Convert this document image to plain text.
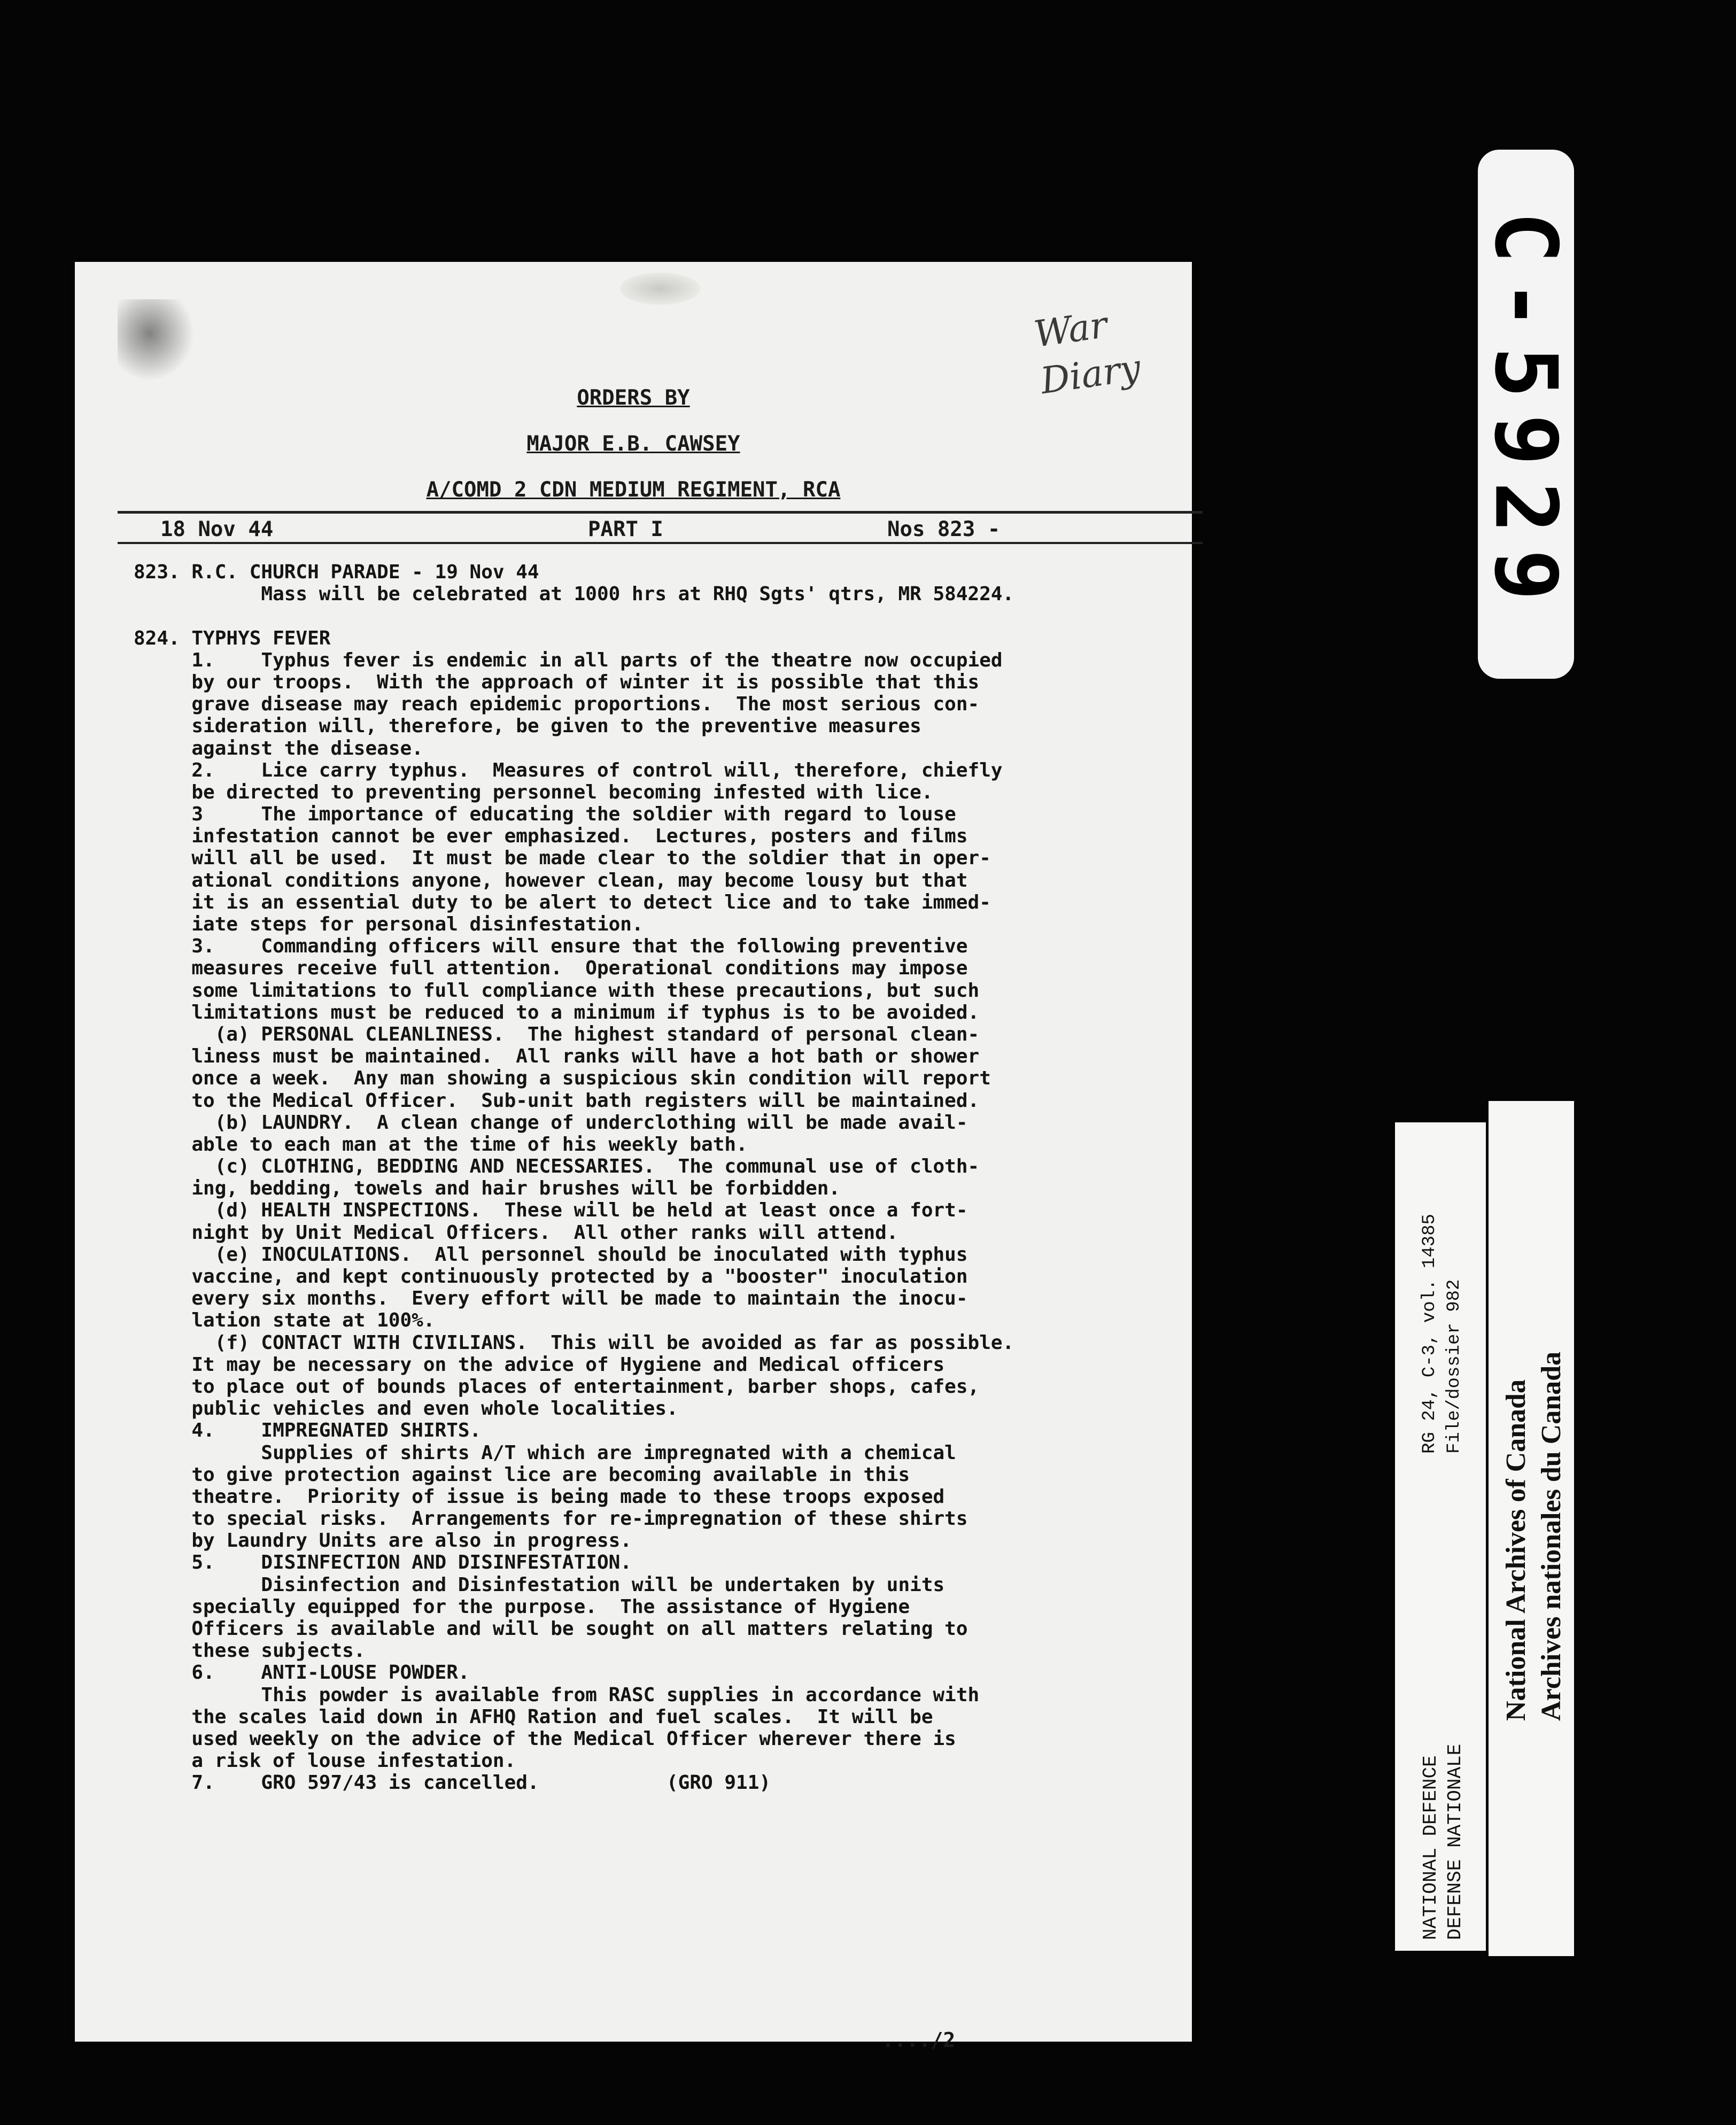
War
Diary
ORDERS BY
MAJOR E.B. CAWSEY
A/COMD 2 CDN MEDIUM REGIMENT, RCA
18 Nov 44	PART I	Nos 823 -
823. R.C. CHURCH PARADE - 19 Nov 44
Mass will be celebrated at 1000 hrs at RHQ Sgts' qtrs, MR 584224.
824. TYPHYS FEVER
1.    Typhus fever is endemic in all parts of the theatre now occupied
by our troops.  With the approach of winter it is possible that this
grave disease may reach epidemic proportions.  The most serious con-
sideration will, therefore, be given to the preventive measures
against the disease.
2.    Lice carry typhus.  Measures of control will, therefore, chiefly
be directed to preventing personnel becoming infested with lice.
3     The importance of educating the soldier with regard to louse
infestation cannot be ever emphasized.  Lectures, posters and films
will all be used.  It must be made clear to the soldier that in oper-
ational conditions anyone, however clean, may become lousy but that
it is an essential duty to be alert to detect lice and to take immed-
iate steps for personal disinfestation.
3.    Commanding officers will ensure that the following preventive
measures receive full attention.  Operational conditions may impose
some limitations to full compliance with these precautions, but such
limitations must be reduced to a minimum if typhus is to be avoided.
(a) PERSONAL CLEANLINESS.  The highest standard of personal clean-
liness must be maintained.  All ranks will have a hot bath or shower
once a week.  Any man showing a suspicious skin condition will report
to the Medical Officer.  Sub-unit bath registers will be maintained.
(b) LAUNDRY.  A clean change of underclothing will be made avail-
able to each man at the time of his weekly bath.
(c) CLOTHING, BEDDING AND NECESSARIES.  The communal use of cloth-
ing, bedding, towels and hair brushes will be forbidden.
(d) HEALTH INSPECTIONS.  These will be held at least once a fort-
night by Unit Medical Officers.  All other ranks will attend.
(e) INOCULATIONS.  All personnel should be inoculated with typhus
vaccine, and kept continuously protected by a "booster" inoculation
every six months.  Every effort will be made to maintain the inocu-
lation state at 100%.
(f) CONTACT WITH CIVILIANS.  This will be avoided as far as possible.
It may be necessary on the advice of Hygiene and Medical officers
to place out of bounds places of entertainment, barber shops, cafes,
public vehicles and even whole localities.
4.    IMPREGNATED SHIRTS.
Supplies of shirts A/T which are impregnated with a chemical
to give protection against lice are becoming available in this
theatre.  Priority of issue is being made to these troops exposed
to special risks.  Arrangements for re-impregnation of these shirts
by Laundry Units are also in progress.
5.    DISINFECTION AND DISINFESTATION.
Disinfection and Disinfestation will be undertaken by units
specially equipped for the purpose.  The assistance of Hygiene
Officers is available and will be sought on all matters relating to
these subjects.
6.    ANTI-LOUSE POWDER.
This powder is available from RASC supplies in accordance with
the scales laid down in AFHQ Ration and fuel scales.  It will be
used weekly on the advice of the Medical Officer wherever there is
a risk of louse infestation.
7.    GRO 597/43 is cancelled.           (GRO 911)
..../2
C-5929
NATIONAL DEFENCE DEFENSE NATIONALE
RG 24, C-3, vol. 14385 File/dossier 982
National Archives of Canada Archives nationales du Canada
